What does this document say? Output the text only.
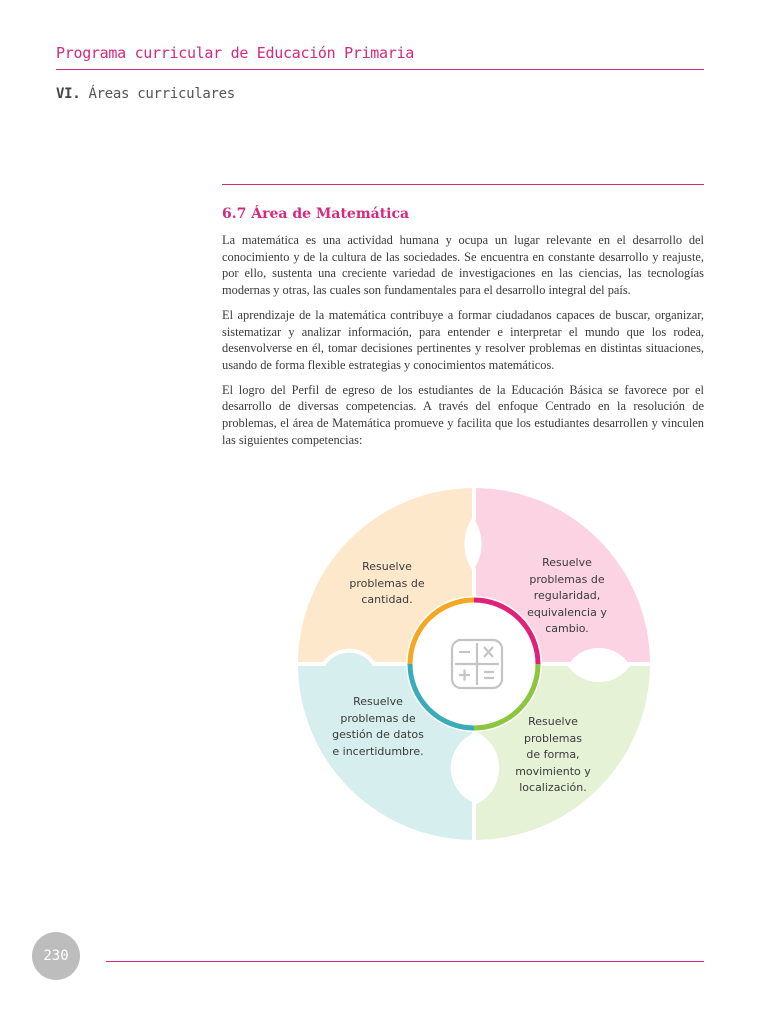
Programa curricular de Educación Primaria
VI. Áreas curriculares
6.7 Área de Matemática

La matemática es una actividad humana y ocupa un lugar relevante en el desarrollo del conocimiento y de la cultura de las sociedades. Se encuentra en constante desarrollo y reajuste, por ello, sustenta una creciente variedad de investigaciones en las ciencias, las tecnologías modernas y otras, las cuales son fundamentales para el desarrollo integral del país.

El aprendizaje de la matemática contribuye a formar ciudadanos capaces de buscar, organizar, sistematizar y analizar información, para entender e interpretar el mundo que los rodea, desenvolverse en él, tomar decisiones pertinentes y resolver problemas en distintas situaciones, usando de forma flexible estrategias y conocimientos matemáticos.

El logro del Perfil de egreso de los estudiantes de la Educación Básica se favorece por el desarrollo de diversas competencias. A través del enfoque Centrado en la resolución de problemas, el área de Matemática promueve y facilita que los estudiantes desarrollen y vinculen las siguientes competencias:

Resuelve
problemas de
cantidad.
Resuelve
problemas de
regularidad,
equivalencia y
cambio.
Resuelve
problemas
de forma,
movimiento y
localización.
Resuelve
problemas de
gestión de datos
e incertidumbre.
230
